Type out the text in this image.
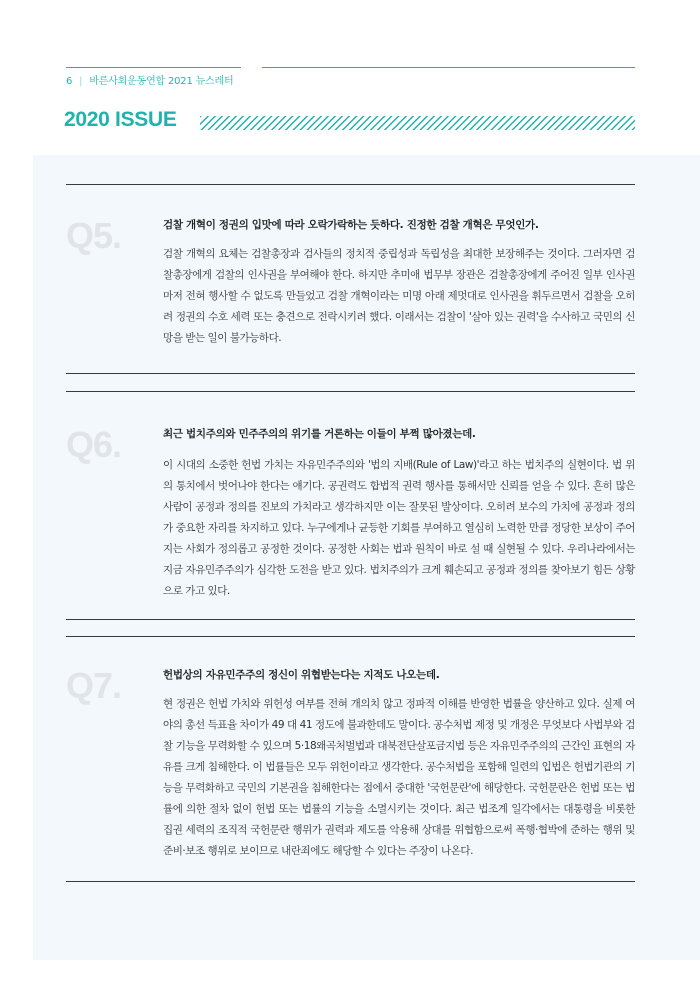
6 | 바른사회운동연합 2021 뉴스레터
2020 ISSUE
Q5.	검찰 개혁이 정권의 입맛에 따라 오락가락하는 듯하다. 진정한 검찰 개혁은 무엇인가.

검찰 개혁의 요체는 검찰총장과 검사들의 정치적 중립성과 독립성을 최대한 보장해주는 것이다. 그러자면 검찰총장에게 검찰의 인사권을 부여해야 한다. 하지만 추미애 법무부 장관은 검찰총장에게 주어진 일부 인사권마저 전혀 행사할 수 없도록 만들었고 검찰 개혁이라는 미명 아래 제멋대로 인사권을 휘두르면서 검찰을 오히려 정권의 수호 세력 또는 충견으로 전락시키려 했다. 이래서는 검찰이 '살아 있는 권력'을 수사하고 국민의 신망을 받는 일이 불가능하다.

Q6.	최근 법치주의와 민주주의의 위기를 거론하는 이들이 부쩍 많아졌는데.

이 시대의 소중한 헌법 가치는 자유민주주의와 '법의 지배(Rule of Law)'라고 하는 법치주의 실현이다. 법 위의 통치에서 벗어나야 한다는 얘기다. 공권력도 합법적 권력 행사를 통해서만 신뢰를 얻을 수 있다. 흔히 많은 사람이 공정과 정의를 진보의 가치라고 생각하지만 이는 잘못된 발상이다. 오히려 보수의 가치에 공정과 정의가 중요한 자리를 차지하고 있다. 누구에게나 균등한 기회를 부여하고 열심히 노력한 만큼 정당한 보상이 주어지는 사회가 정의롭고 공정한 것이다. 공정한 사회는 법과 원칙이 바로 설 때 실현될 수 있다. 우리나라에서는 지금 자유민주주의가 심각한 도전을 받고 있다. 법치주의가 크게 훼손되고 공정과 정의를 찾아보기 힘든 상황으로 가고 있다.

Q7.	헌법상의 자유민주주의 정신이 위협받는다는 지적도 나오는데.

현 정권은 헌법 가치와 위헌성 여부를 전혀 개의치 않고 정파적 이해를 반영한 법률을 양산하고 있다. 실제 여야의 총선 득표율 차이가 49 대 41 정도에 불과한데도 말이다. 공수처법 제정 및 개정은 무엇보다 사법부와 검찰 기능을 무력화할 수 있으며 5·18왜곡처벌법과 대북전단살포금지법 등은 자유민주주의의 근간인 표현의 자유를 크게 침해한다. 이 법률들은 모두 위헌이라고 생각한다. 공수처법을 포함해 일련의 입법은 헌법기관의 기능을 무력화하고 국민의 기본권을 침해한다는 점에서 중대한 '국헌문란'에 해당한다. 국헌문란은 헌법 또는 법률에 의한 절차 없이 헌법 또는 법률의 기능을 소멸시키는 것이다. 최근 법조계 일각에서는 대통령을 비롯한 집권 세력의 조직적 국헌문란 행위가 권력과 제도를 악용해 상대를 위협함으로써 폭행·협박에 준하는 행위 및 준비·보조 행위로 보이므로 내란죄에도 해당할 수 있다는 주장이 나온다.
